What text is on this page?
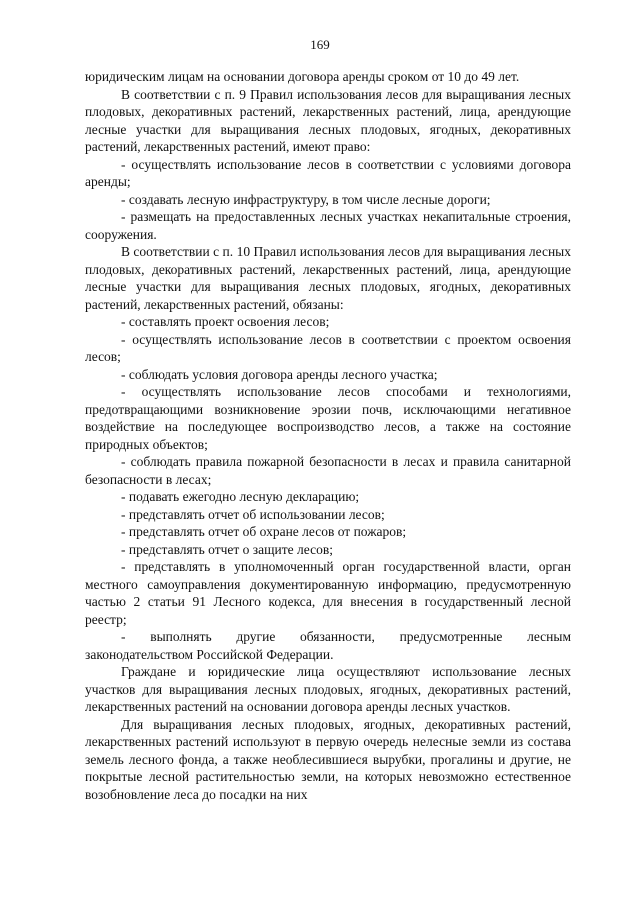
169

юридическим лицам на основании договора аренды сроком от 10 до 49 лет.

В соответствии с п. 9 Правил использования лесов для выращивания лесных плодовых, декоративных растений, лекарственных растений, лица, арендующие лесные участки для выращивания лесных плодовых, ягодных, декоративных растений, лекарственных растений, имеют право:

- осуществлять использование лесов в соответствии с условиями договора аренды;

- создавать лесную инфраструктуру, в том числе лесные дороги;

- размещать на предоставленных лесных участках некапитальные строения, сооружения.

В соответствии с п. 10 Правил использования лесов для выращивания лесных плодовых, декоративных растений, лекарственных растений, лица, арендующие лесные участки для выращивания лесных плодовых, ягодных, декоративных растений, лекарственных растений, обязаны:

- составлять проект освоения лесов;

- осуществлять использование лесов в соответствии с проектом освоения лесов;

- соблюдать условия договора аренды лесного участка;

- осуществлять использование лесов способами и технологиями, предотвращающими возникновение эрозии почв, исключающими негативное воздействие на последующее воспроизводство лесов, а также на состояние природных объектов;

- соблюдать правила пожарной безопасности в лесах и правила санитарной безопасности в лесах;

- подавать ежегодно лесную декларацию;

- представлять отчет об использовании лесов;

- представлять отчет об охране лесов от пожаров;

- представлять отчет о защите лесов;

- представлять в уполномоченный орган государственной власти, орган местного самоуправления документированную информацию, предусмотренную частью 2 статьи 91 Лесного кодекса, для внесения в государственный лесной реестр;

- выполнять другие обязанности, предусмотренные лесным законодательством Российской Федерации.

Граждане и юридические лица осуществляют использование лесных участков для выращивания лесных плодовых, ягодных, декоративных растений, лекарственных растений на основании договора аренды лесных участков.

Для выращивания лесных плодовых, ягодных, декоративных растений, лекарственных растений используют в первую очередь нелесные земли из состава земель лесного фонда, а также необлесившиеся вырубки, прогалины и другие, не покрытые лесной растительностью земли, на которых невозможно естественное возобновление леса до посадки на них
